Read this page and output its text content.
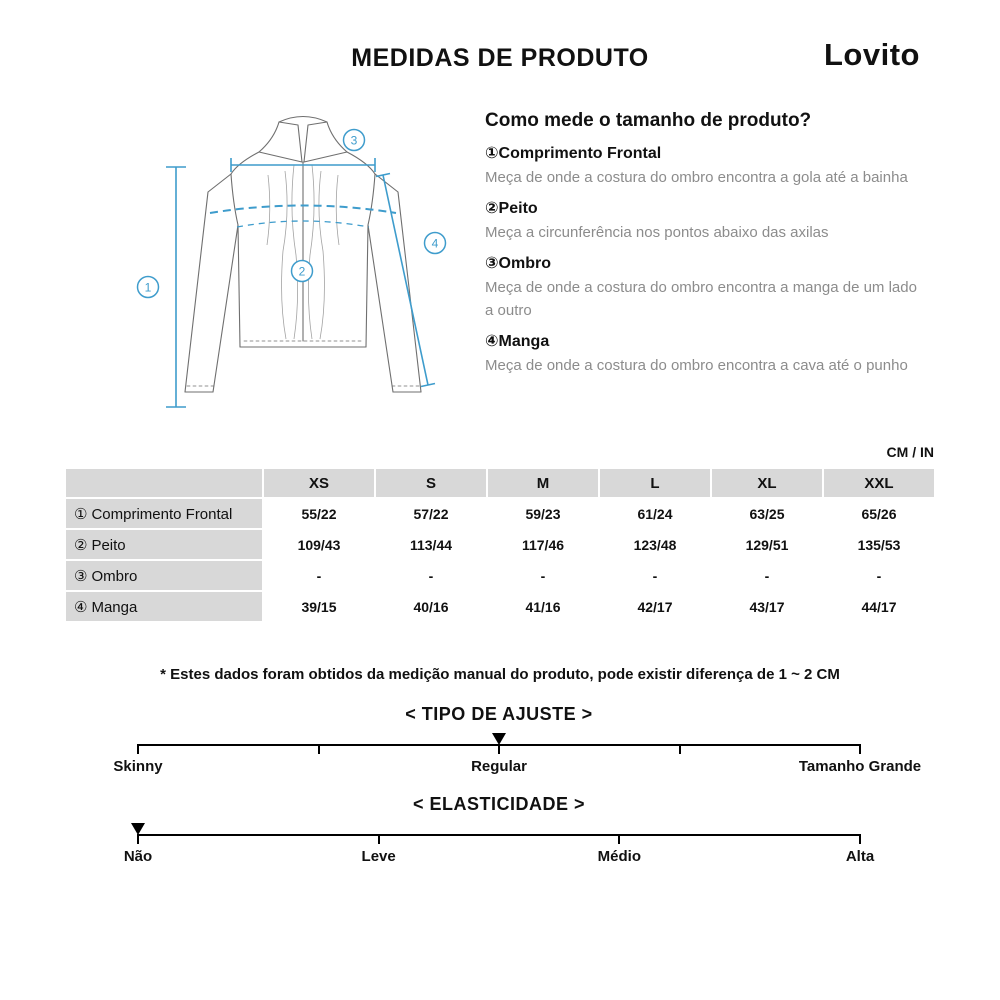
MEDIDAS DE PRODUTO	Lovito
1
2
3
4
Como mede o tamanho de produto?
①Comprimento Frontal
Meça de onde a costura do ombro encontra a gola até a bainha
②Peito
Meça a circunferência nos pontos abaixo das axilas
③Ombro
Meça de onde a costura do ombro encontra a manga de um lado a outro
④Manga
Meça de onde a costura do ombro encontra a cava até o punho
CM / IN
	XS	S	M	L	XL	XXL
① Comprimento Frontal	55/22	57/22	59/23	61/24	63/25	65/26
② Peito	109/43	113/44	117/46	123/48	129/51	135/53
③ Ombro	-	-	-	-	-	-
④ Manga	39/15	40/16	41/16	42/17	43/17	44/17
* Estes dados foram obtidos da medição manual do produto, pode existir diferença de 1 ~ 2 CM
< TIPO DE AJUSTE >
Skinny	Regular	Tamanho Grande
< ELASTICIDADE >
Não	Leve	Médio	Alta
